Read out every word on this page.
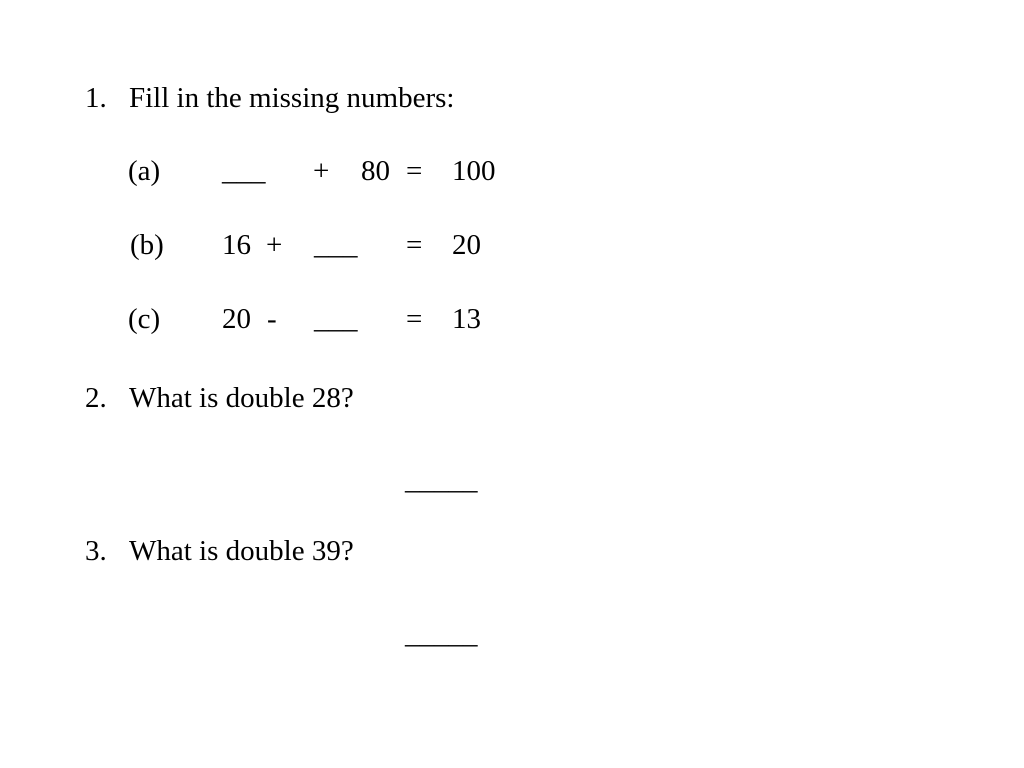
1. Fill in the missing numbers:
(a) ___ + 80 = 100
(b) 16 + ___ = 20
(c) 20 - ___ = 13
2. What is double 28?
_____
3. What is double 39?
_____
